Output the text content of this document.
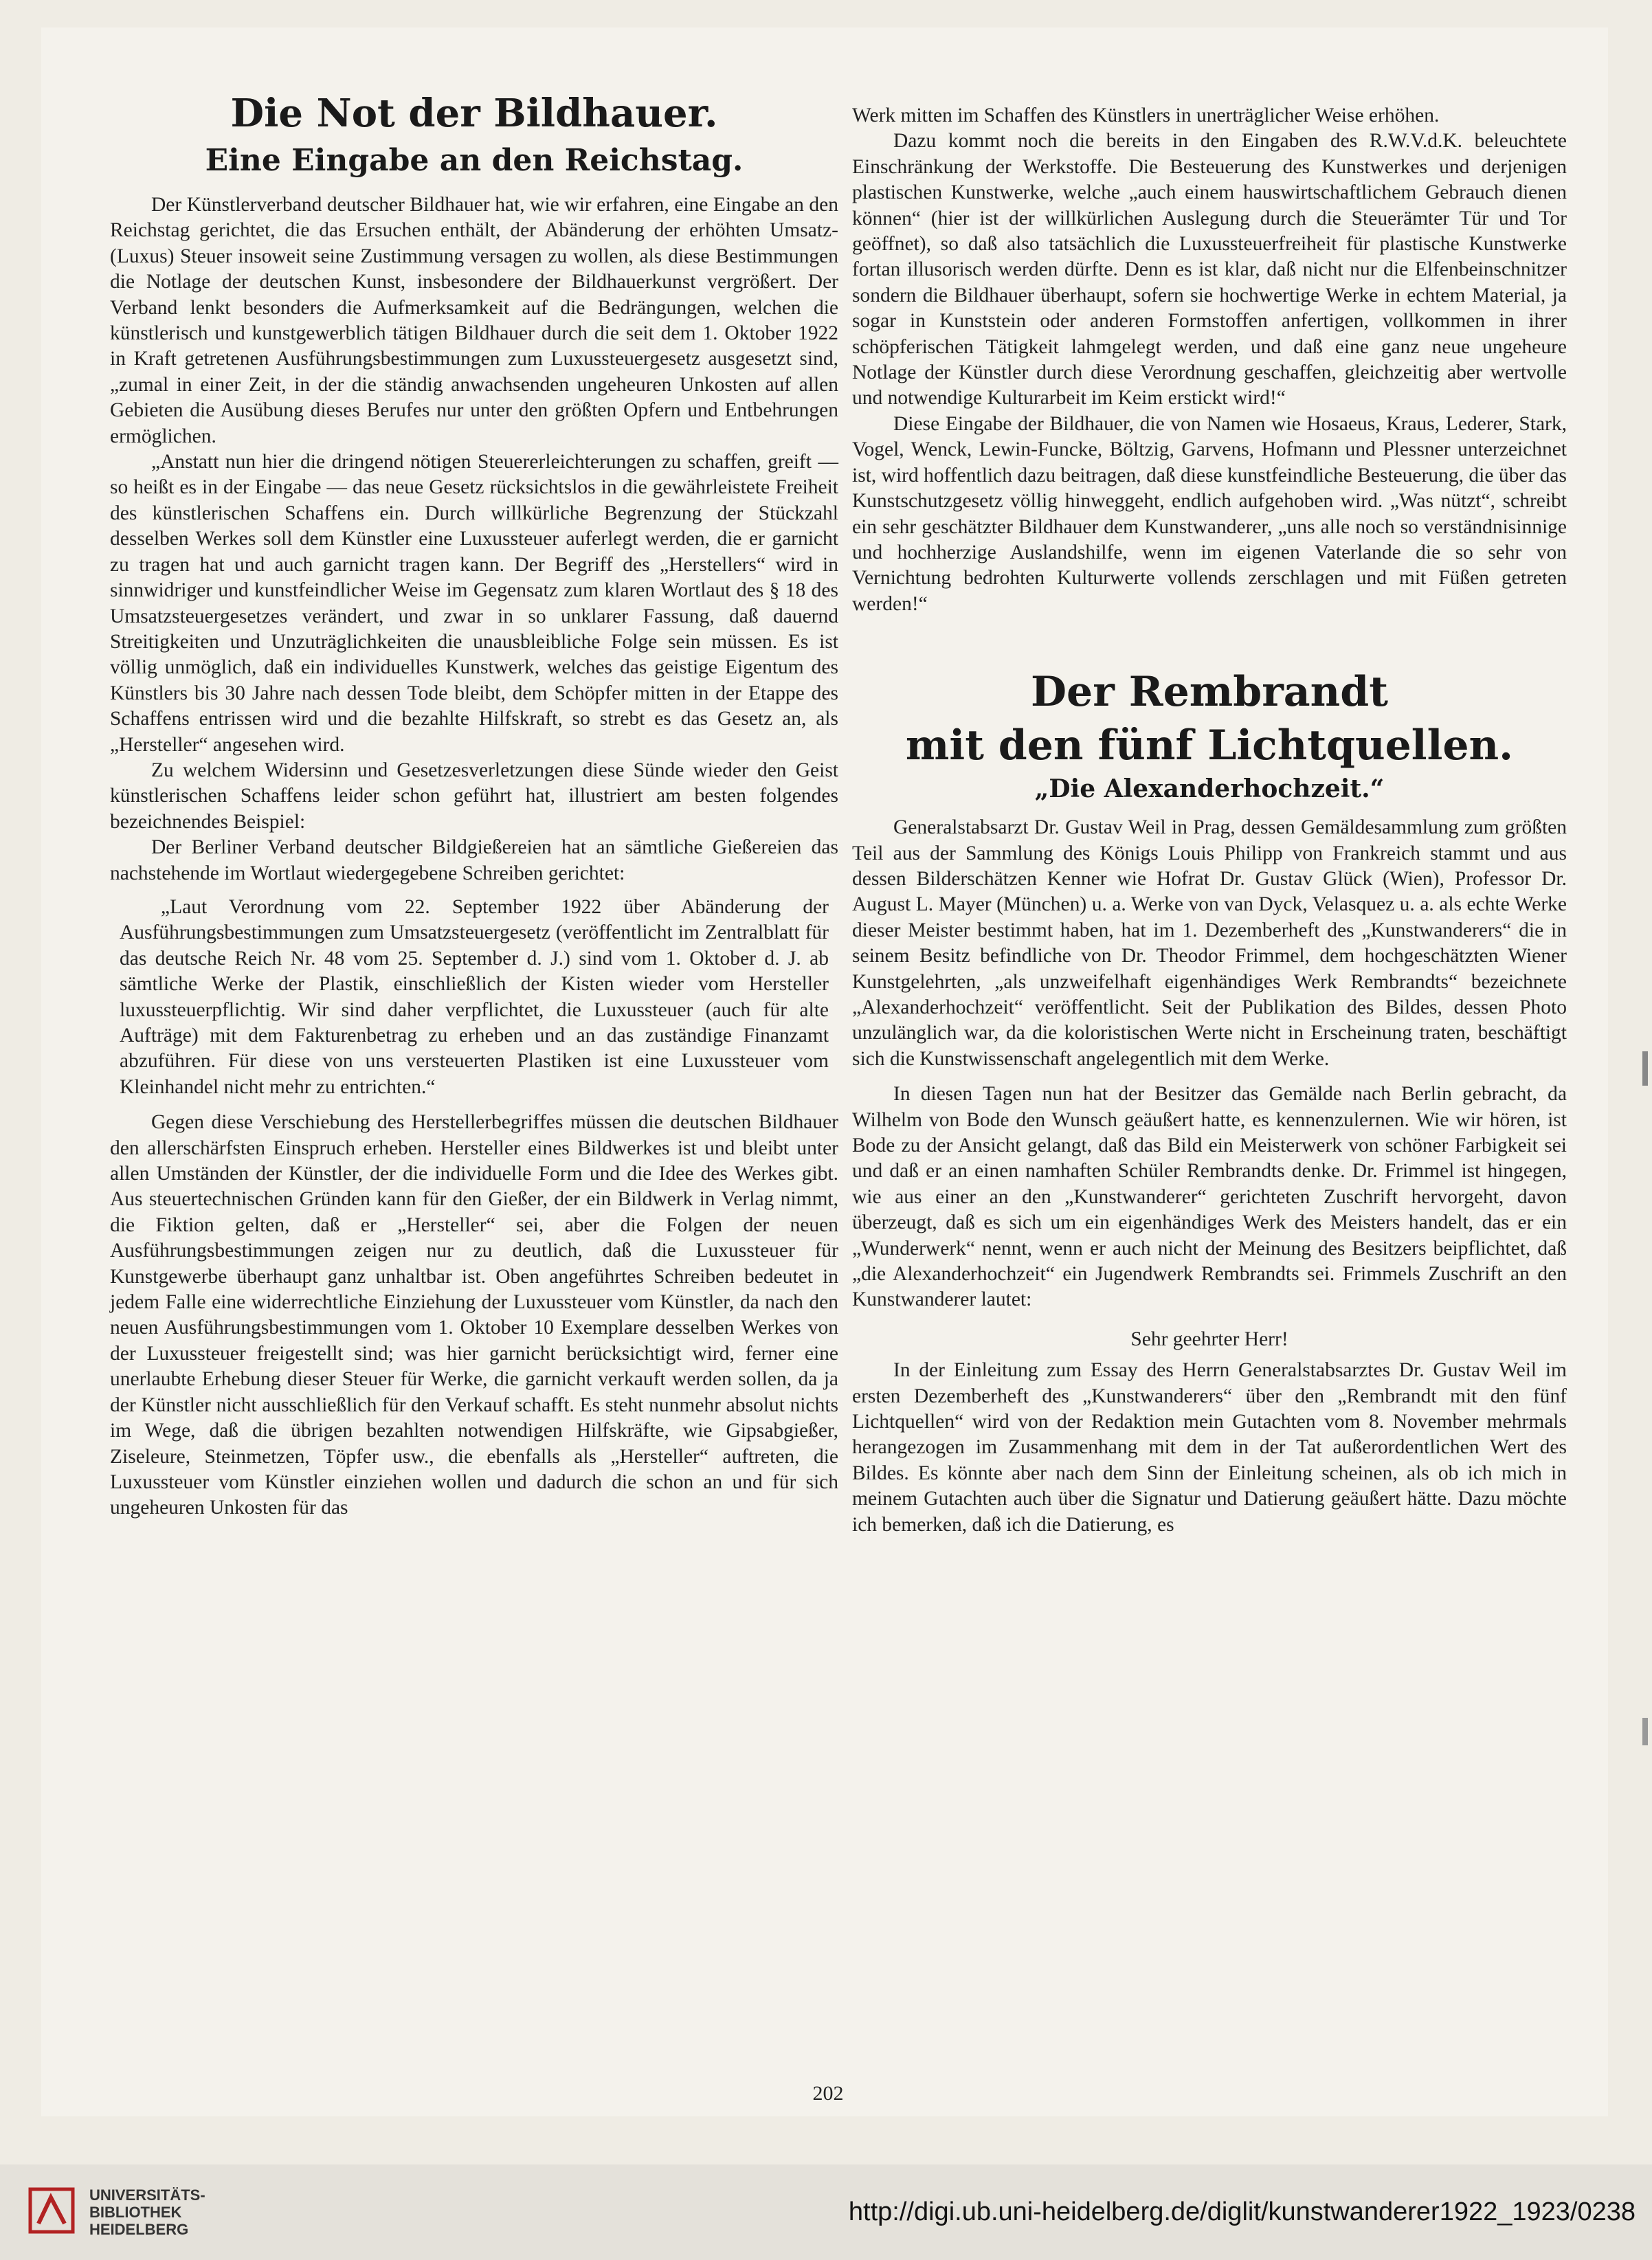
Die Not der Bildhauer.
Eine Eingabe an den Reichstag.

Der Künstlerverband deutscher Bildhauer hat, wie wir erfahren, eine Eingabe an den Reichstag gerichtet, die das Ersuchen enthält, der Abänderung der erhöhten Umsatz-(Luxus) Steuer insoweit seine Zustimmung versagen zu wollen, als diese Bestimmungen die Notlage der deutschen Kunst, insbesondere der Bildhauerkunst vergrößert. Der Verband lenkt besonders die Aufmerksamkeit auf die Bedrängungen, welchen die künstlerisch und kunstgewerblich tätigen Bildhauer durch die seit dem 1. Oktober 1922 in Kraft getretenen Ausführungsbestimmungen zum Luxussteuergesetz ausgesetzt sind, „zumal in einer Zeit, in der die ständig anwachsenden ungeheuren Unkosten auf allen Gebieten die Ausübung dieses Berufes nur unter den größten Opfern und Entbehrungen ermöglichen.

„Anstatt nun hier die dringend nötigen Steuererleichterungen zu schaffen, greift — so heißt es in der Eingabe — das neue Gesetz rücksichtslos in die gewährleistete Freiheit des künstlerischen Schaffens ein. Durch willkürliche Begrenzung der Stückzahl desselben Werkes soll dem Künstler eine Luxussteuer auferlegt werden, die er garnicht zu tragen hat und auch garnicht tragen kann. Der Begriff des „Herstellers“ wird in sinnwidriger und kunstfeindlicher Weise im Gegensatz zum klaren Wortlaut des § 18 des Umsatzsteuergesetzes verändert, und zwar in so unklarer Fassung, daß dauernd Streitigkeiten und Unzuträglichkeiten die unausbleibliche Folge sein müssen. Es ist völlig unmöglich, daß ein individuelles Kunstwerk, welches das geistige Eigentum des Künstlers bis 30 Jahre nach dessen Tode bleibt, dem Schöpfer mitten in der Etappe des Schaffens entrissen wird und die bezahlte Hilfskraft, so strebt es das Gesetz an, als „Hersteller“ angesehen wird.

Zu welchem Widersinn und Gesetzesverletzungen diese Sünde wieder den Geist künstlerischen Schaffens leider schon geführt hat, illustriert am besten folgendes bezeichnendes Beispiel:

Der Berliner Verband deutscher Bildgießereien hat an sämtliche Gießereien das nachstehende im Wortlaut wiedergegebene Schreiben gerichtet:

„Laut Verordnung vom 22. September 1922 über Abänderung der Ausführungsbestimmungen zum Umsatzsteuergesetz (veröffentlicht im Zentralblatt für das deutsche Reich Nr. 48 vom 25. September d. J.) sind vom 1. Oktober d. J. ab sämtliche Werke der Plastik, einschließlich der Kisten wieder vom Hersteller luxussteuerpflichtig. Wir sind daher verpflichtet, die Luxussteuer (auch für alte Aufträge) mit dem Fakturenbetrag zu erheben und an das zuständige Finanzamt abzuführen. Für diese von uns versteuerten Plastiken ist eine Luxussteuer vom Kleinhandel nicht mehr zu entrichten.“

Gegen diese Verschiebung des Herstellerbegriffes müssen die deutschen Bildhauer den allerschärfsten Einspruch erheben. Hersteller eines Bildwerkes ist und bleibt unter allen Umständen der Künstler, der die individuelle Form und die Idee des Werkes gibt. Aus steuertechnischen Gründen kann für den Gießer, der ein Bildwerk in Verlag nimmt, die Fiktion gelten, daß er „Hersteller“ sei, aber die Folgen der neuen Ausführungsbestimmungen zeigen nur zu deutlich, daß die Luxussteuer für Kunstgewerbe überhaupt ganz unhaltbar ist. Oben angeführtes Schreiben bedeutet in jedem Falle eine widerrechtliche Einziehung der Luxussteuer vom Künstler, da nach den neuen Ausführungsbestimmungen vom 1. Oktober 10 Exemplare desselben Werkes von der Luxussteuer freigestellt sind; was hier garnicht berücksichtigt wird, ferner eine unerlaubte Erhebung dieser Steuer für Werke, die garnicht verkauft werden sollen, da ja der Künstler nicht ausschließlich für den Verkauf schafft. Es steht nunmehr absolut nichts im Wege, daß die übrigen bezahlten notwendigen Hilfskräfte, wie Gipsabgießer, Ziseleure, Steinmetzen, Töpfer usw., die ebenfalls als „Hersteller“ auftreten, die Luxussteuer vom Künstler einziehen wollen und dadurch die schon an und für sich ungeheuren Unkosten für das

Werk mitten im Schaffen des Künstlers in unerträglicher Weise erhöhen.

Dazu kommt noch die bereits in den Eingaben des R.W.V.d.K. beleuchtete Einschränkung der Werkstoffe. Die Besteuerung des Kunstwerkes und derjenigen plastischen Kunstwerke, welche „auch einem hauswirtschaftlichem Gebrauch dienen können“ (hier ist der willkürlichen Auslegung durch die Steuerämter Tür und Tor geöffnet), so daß also tatsächlich die Luxussteuerfreiheit für plastische Kunstwerke fortan illusorisch werden dürfte. Denn es ist klar, daß nicht nur die Elfenbeinschnitzer sondern die Bildhauer überhaupt, sofern sie hochwertige Werke in echtem Material, ja sogar in Kunststein oder anderen Formstoffen anfertigen, vollkommen in ihrer schöpferischen Tätigkeit lahmgelegt werden, und daß eine ganz neue ungeheure Notlage der Künstler durch diese Verordnung geschaffen, gleichzeitig aber wertvolle und notwendige Kulturarbeit im Keim erstickt wird!“

Diese Eingabe der Bildhauer, die von Namen wie Hosaeus, Kraus, Lederer, Stark, Vogel, Wenck, Lewin-Funcke, Böltzig, Garvens, Hofmann und Plessner unterzeichnet ist, wird hoffentlich dazu beitragen, daß diese kunstfeindliche Besteuerung, die über das Kunstschutzgesetz völlig hinweggeht, endlich aufgehoben wird. „Was nützt“, schreibt ein sehr geschätzter Bildhauer dem Kunstwanderer, „uns alle noch so verständnisinnige und hochherzige Auslandshilfe, wenn im eigenen Vaterlande die so sehr von Vernichtung bedrohten Kulturwerte vollends zerschlagen und mit Füßen getreten werden!“

Der Rembrandt
mit den fünf Lichtquellen.
„Die Alexanderhochzeit.“

Generalstabsarzt Dr. Gustav Weil in Prag, dessen Gemäldesammlung zum größten Teil aus der Sammlung des Königs Louis Philipp von Frankreich stammt und aus dessen Bilderschätzen Kenner wie Hofrat Dr. Gustav Glück (Wien), Professor Dr. August L. Mayer (München) u. a. Werke von van Dyck, Velasquez u. a. als echte Werke dieser Meister bestimmt haben, hat im 1. Dezemberheft des „Kunstwanderers“ die in seinem Besitz befindliche von Dr. Theodor Frimmel, dem hochgeschätzten Wiener Kunstgelehrten, „als unzweifelhaft eigenhändiges Werk Rembrandts“ bezeichnete „Alexanderhochzeit“ veröffentlicht. Seit der Publikation des Bildes, dessen Photo unzulänglich war, da die koloristischen Werte nicht in Erscheinung traten, beschäftigt sich die Kunstwissenschaft angelegentlich mit dem Werke.

In diesen Tagen nun hat der Besitzer das Gemälde nach Berlin gebracht, da Wilhelm von Bode den Wunsch geäußert hatte, es kennenzulernen. Wie wir hören, ist Bode zu der Ansicht gelangt, daß das Bild ein Meisterwerk von schöner Farbigkeit sei und daß er an einen namhaften Schüler Rembrandts denke. Dr. Frimmel ist hingegen, wie aus einer an den „Kunstwanderer“ gerichteten Zuschrift hervorgeht, davon überzeugt, daß es sich um ein eigenhändiges Werk des Meisters handelt, das er ein „Wunderwerk“ nennt, wenn er auch nicht der Meinung des Besitzers beipflichtet, daß „die Alexanderhochzeit“ ein Jugendwerk Rembrandts sei. Frimmels Zuschrift an den Kunstwanderer lautet:

Sehr geehrter Herr!

In der Einleitung zum Essay des Herrn Generalstabsarztes Dr. Gustav Weil im ersten Dezemberheft des „Kunstwanderers“ über den „Rembrandt mit den fünf Lichtquellen“ wird von der Redaktion mein Gutachten vom 8. November mehrmals herangezogen im Zusammenhang mit dem in der Tat außerordentlichen Wert des Bildes. Es könnte aber nach dem Sinn der Einleitung scheinen, als ob ich mich in meinem Gutachten auch über die Signatur und Datierung geäußert hätte. Dazu möchte ich bemerken, daß ich die Datierung, es

202
UNIVERSITÄTS-
BIBLIOTHEK
HEIDELBERG
http://digi.ub.uni-heidelberg.de/diglit/kunstwanderer1922_1923/0238
